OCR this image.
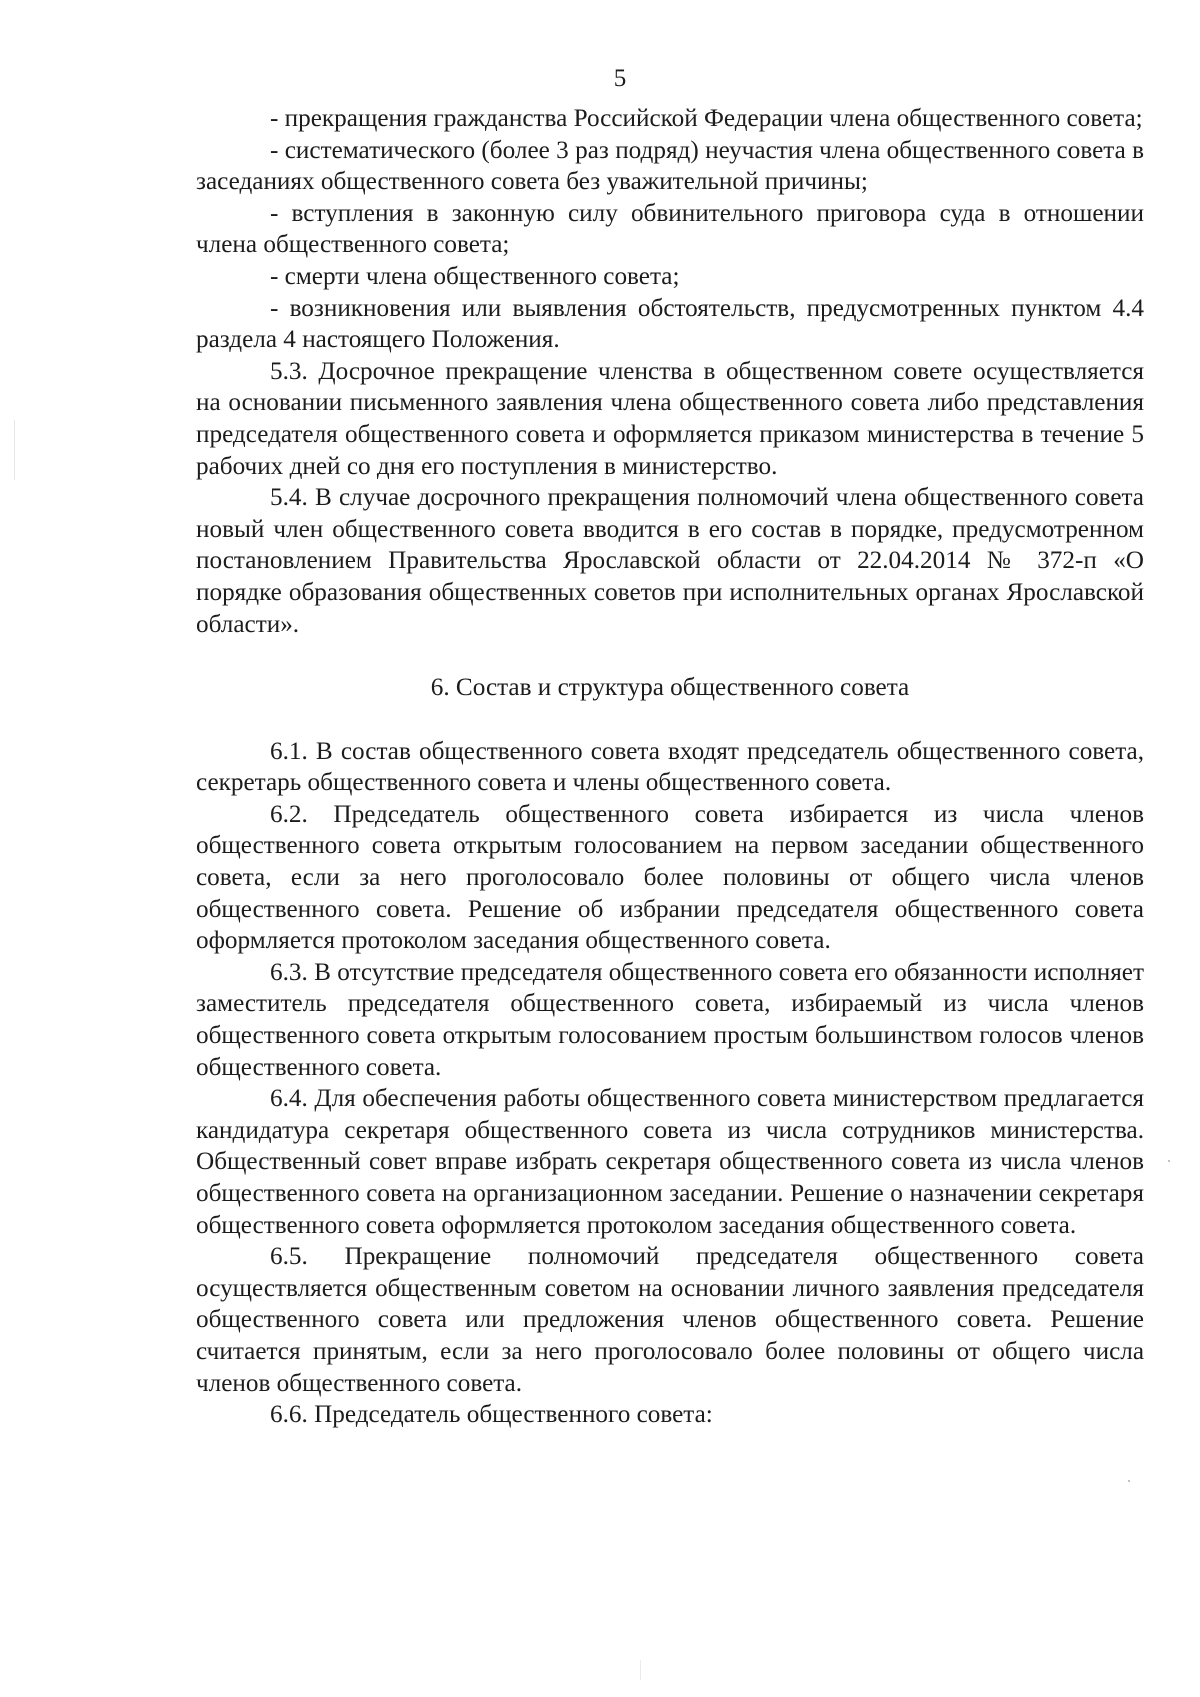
5

- прекращения гражданства Российской Федерации члена общественного совета;

- систематического (более 3 раз подряд) неучастия члена общественного совета в заседаниях общественного совета без уважительной причины;

- вступления в законную силу обвинительного приговора суда в отношении члена общественного совета;

- смерти члена общественного совета;

- возникновения или выявления обстоятельств, предусмотренных пунктом 4.4 раздела 4 настоящего Положения.

5.3. Досрочное прекращение членства в общественном совете осуществляется на основании письменного заявления члена общественного совета либо представления председателя общественного совета и оформляется приказом министерства в течение 5 рабочих дней со дня его поступления в министерство.

5.4. В случае досрочного прекращения полномочий члена общественного совета новый член общественного совета вводится в его состав в порядке, предусмотренном постановлением Правительства Ярославской области от 22.04.2014 № 372-п «О порядке образования общественных советов при исполнительных органах Ярославской области».

6. Состав и структура общественного совета

6.1. В состав общественного совета входят председатель общественного совета, секретарь общественного совета и члены общественного совета.

6.2. Председатель общественного совета избирается из числа членов общественного совета открытым голосованием на первом заседании общественного совета, если за него проголосовало более половины от общего числа членов общественного совета. Решение об избрании председателя общественного совета оформляется протоколом заседания общественного совета.

6.3. В отсутствие председателя общественного совета его обязанности исполняет заместитель председателя общественного совета, избираемый из числа членов общественного совета открытым голосованием простым большинством голосов членов общественного совета.

6.4. Для обеспечения работы общественного совета министерством предлагается кандидатура секретаря общественного совета из числа сотрудников министерства. Общественный совет вправе избрать секретаря общественного совета из числа членов общественного совета на организационном заседании. Решение о назначении секретаря общественного совета оформляется протоколом заседания общественного совета.

6.5. Прекращение полномочий председателя общественного совета осуществляется общественным советом на основании личного заявления председателя общественного совета или предложения членов общественного совета. Решение считается принятым, если за него проголосовало более половины от общего числа членов общественного совета.

6.6. Председатель общественного совета:
